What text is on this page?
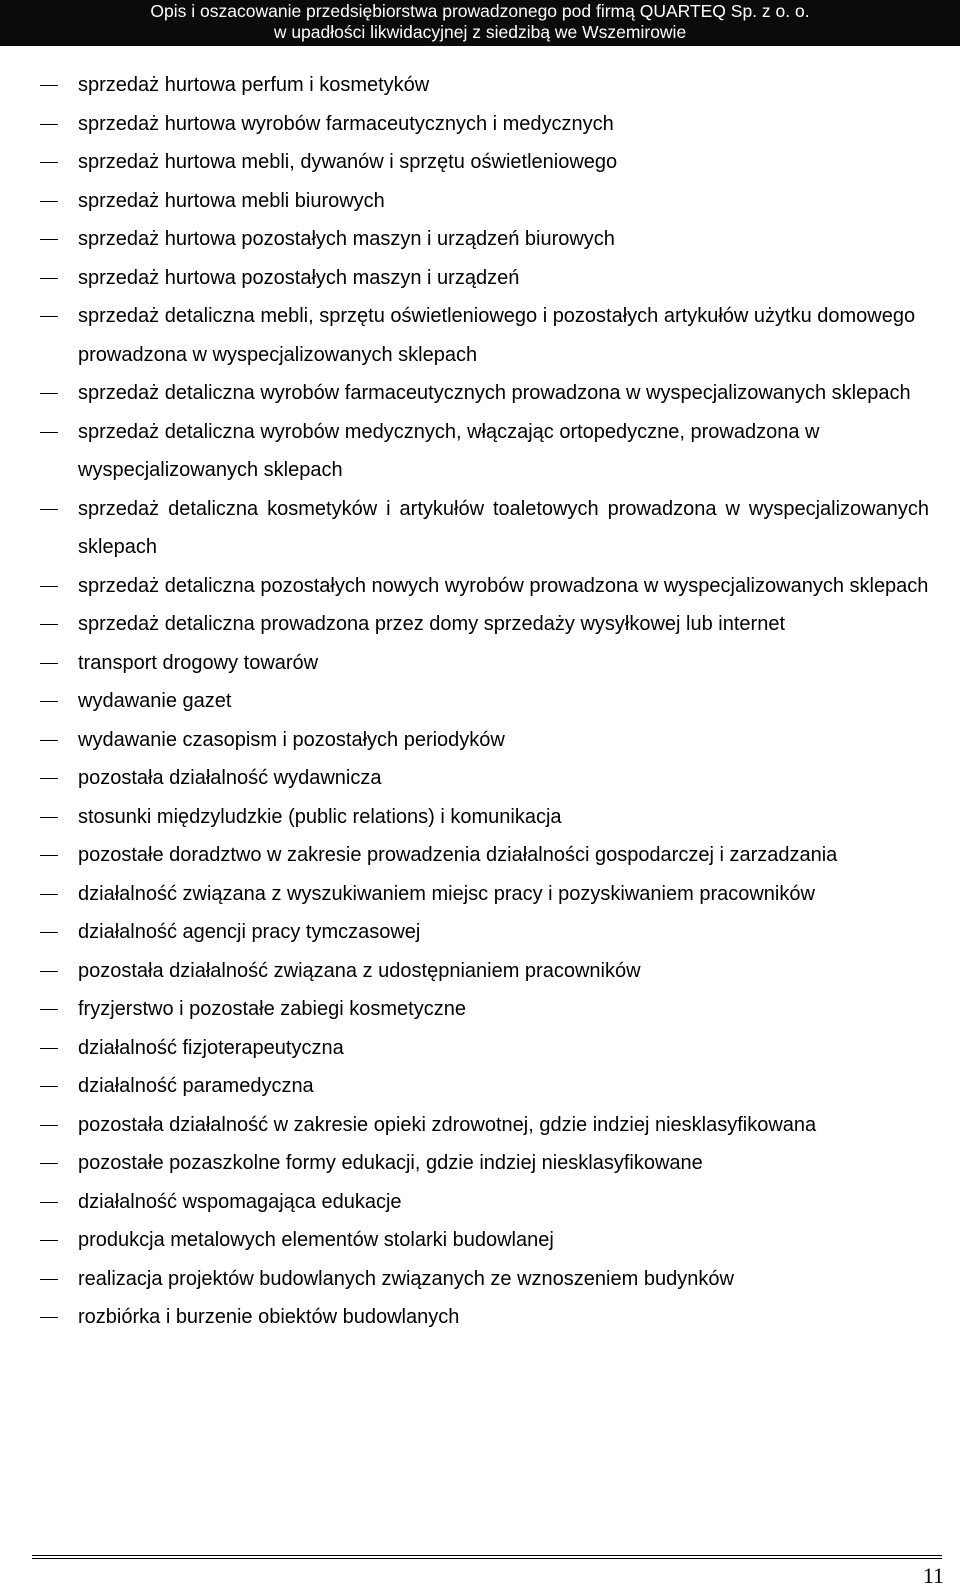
Opis i oszacowanie przedsiębiorstwa prowadzonego pod firmą QUARTEQ Sp. z o. o.
w upadłości likwidacyjnej z siedzibą we Wszemirowie
sprzedaż hurtowa perfum i kosmetyków
sprzedaż hurtowa wyrobów farmaceutycznych i medycznych
sprzedaż hurtowa mebli, dywanów i sprzętu oświetleniowego
sprzedaż hurtowa mebli biurowych
sprzedaż hurtowa pozostałych maszyn i urządzeń biurowych
sprzedaż hurtowa pozostałych maszyn i urządzeń
sprzedaż detaliczna mebli, sprzętu oświetleniowego i pozostałych artykułów użytku domowego prowadzona w wyspecjalizowanych sklepach
sprzedaż detaliczna wyrobów farmaceutycznych prowadzona w wyspecjalizowanych sklepach
sprzedaż detaliczna wyrobów medycznych, włączając ortopedyczne, prowadzona w wyspecjalizowanych sklepach
sprzedaż detaliczna kosmetyków i artykułów toaletowych prowadzona w wyspecjalizowanych sklepach
sprzedaż detaliczna pozostałych nowych wyrobów prowadzona w wyspecjalizowanych sklepach
sprzedaż detaliczna prowadzona przez domy sprzedaży wysyłkowej lub internet
transport drogowy towarów
wydawanie gazet
wydawanie czasopism i pozostałych periodyków
pozostała działalność wydawnicza
stosunki międzyludzkie (public relations) i komunikacja
pozostałe doradztwo w zakresie prowadzenia działalności gospodarczej i zarzadzania
działalność związana z wyszukiwaniem miejsc pracy i pozyskiwaniem pracowników
działalność agencji pracy tymczasowej
pozostała działalność związana z udostępnianiem pracowników
fryzjerstwo i pozostałe zabiegi kosmetyczne
działalność fizjoterapeutyczna
działalność paramedyczna
pozostała działalność w zakresie opieki zdrowotnej, gdzie indziej niesklasyfikowana
pozostałe pozaszkolne formy edukacji, gdzie indziej niesklasyfikowane
działalność wspomagająca edukacje
produkcja metalowych elementów stolarki budowlanej
realizacja projektów budowlanych związanych ze wznoszeniem budynków
rozbiórka i burzenie obiektów budowlanych
11
